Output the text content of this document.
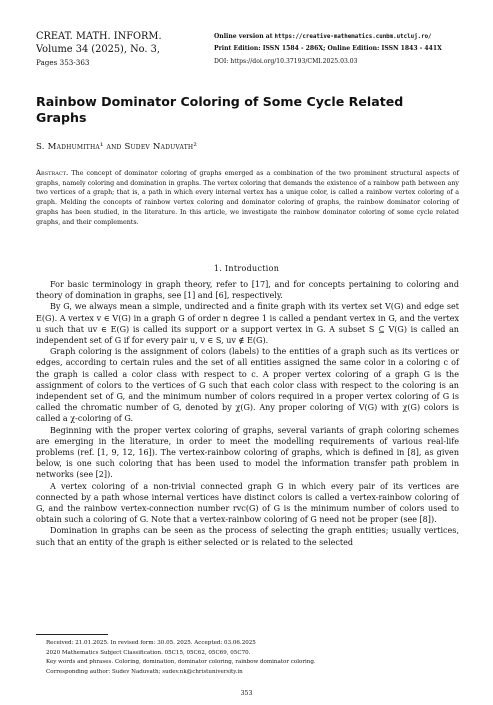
CREAT. MATH. INFORM.
Volume 34 (2025), No. 3,
Pages 353-363
Online version at https://creative-mathematics.cunbm.utcluj.ro/
Print Edition: ISSN 1584 - 286X; Online Edition: ISSN 1843 - 441X
DOI: https://doi.org/10.37193/CMI.2025.03.03
Rainbow Dominator Coloring of Some Cycle Related Graphs
S. Madhumitha¹ and Sudev Naduvath²
Abstract. The concept of dominator coloring of graphs emerged as a combination of the two prominent structural aspects of graphs, namely coloring and domination in graphs. The vertex coloring that demands the existence of a rainbow path between any two vertices of a graph; that is, a path in which every internal vertex has a unique color, is called a rainbow vertex coloring of a graph. Melding the concepts of rainbow vertex coloring and dominator coloring of graphs, the rainbow dominator coloring of graphs has been studied, in the literature. In this article, we investigate the rainbow dominator coloring of some cycle related graphs, and their complements.
1. Introduction

For basic terminology in graph theory, refer to [17], and for concepts pertaining to coloring and theory of domination in graphs, see [1] and [6], respectively.

By G, we always mean a simple, undirected and a finite graph with its vertex set V(G) and edge set E(G). A vertex v ∈ V(G) in a graph G of order n degree 1 is called a pendant vertex in G, and the vertex u such that uv ∈ E(G) is called its support or a support vertex in G. A subset S ⊆ V(G) is called an independent set of G if for every pair u, v ∈ S, uv ∉ E(G).

Graph coloring is the assignment of colors (labels) to the entities of a graph such as its vertices or edges, according to certain rules and the set of all entities assigned the same color in a coloring c of the graph is called a color class with respect to c. A proper vertex coloring of a graph G is the assignment of colors to the vertices of G such that each color class with respect to the coloring is an independent set of G, and the minimum number of colors required in a proper vertex coloring of G is called the chromatic number of G, denoted by χ(G). Any proper coloring of V(G) with χ(G) colors is called a χ-coloring of G.

Beginning with the proper vertex coloring of graphs, several variants of graph coloring schemes are emerging in the literature, in order to meet the modelling requirements of various real-life problems (ref. [1, 9, 12, 16]). The vertex-rainbow coloring of graphs, which is defined in [8], as given below, is one such coloring that has been used to model the information transfer path problem in networks (see [2]).

A vertex coloring of a non-trivial connected graph G in which every pair of its vertices are connected by a path whose internal vertices have distinct colors is called a vertex-rainbow coloring of G, and the rainbow vertex-connection number rvc(G) of G is the minimum number of colors used to obtain such a coloring of G. Note that a vertex-rainbow coloring of G need not be proper (see [8]).

Domination in graphs can be seen as the process of selecting the graph entities; usually vertices, such that an entity of the graph is either selected or is related to the selected

Received: 21.01.2025. In revised form: 30.05. 2025. Accepted: 03.06.2025
2020 Mathematics Subject Classification. 05C15, 05C62, 05C69, 05C70.
Key words and phrases. Coloring, domination, dominator coloring, rainbow dominator coloring.
Corresponding author: Sudev Naduvath; sudev.nk@christuniversity.in
353
